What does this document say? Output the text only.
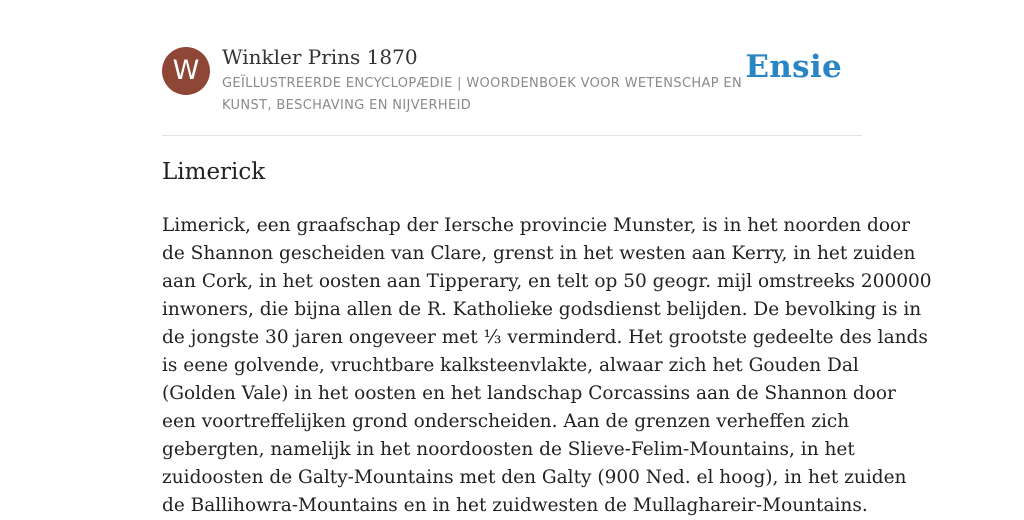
W	Winkler Prins 1870
GEÏLLUSTREERDE ENCYCLOPÆDIE | WOORDENBOEK VOOR WETENSCHAP EN KUNST, BESCHAVING EN NIJVERHEID
Ensie
Limerick

Limerick, een graafschap der Iersche provincie Munster, is in het noorden door
de Shannon gescheiden van Clare, grenst in het westen aan Kerry, in het zuiden
aan Cork, in het oosten aan Tipperary, en telt op 50 geogr. mijl omstreeks 200000
inwoners, die bijna allen de R. Katholieke godsdienst belijden. De bevolking is in
de jongste 30 jaren ongeveer met ⅓ verminderd. Het grootste gedeelte des lands
is eene golvende, vruchtbare kalksteenvlakte, alwaar zich het Gouden Dal
(Golden Vale) in het oosten en het landschap Corcassins aan de Shannon door
een voortreffelijken grond onderscheiden. Aan de grenzen verheffen zich
gebergten, namelijk in het noordoosten de Slieve-Felim-Mountains, in het
zuidoosten de Galty-Mountains met den Galty (900 Ned. el hoog), in het zuiden
de Ballihowra-Mountains en in het zuidwesten de Mullaghareir-Mountains.
